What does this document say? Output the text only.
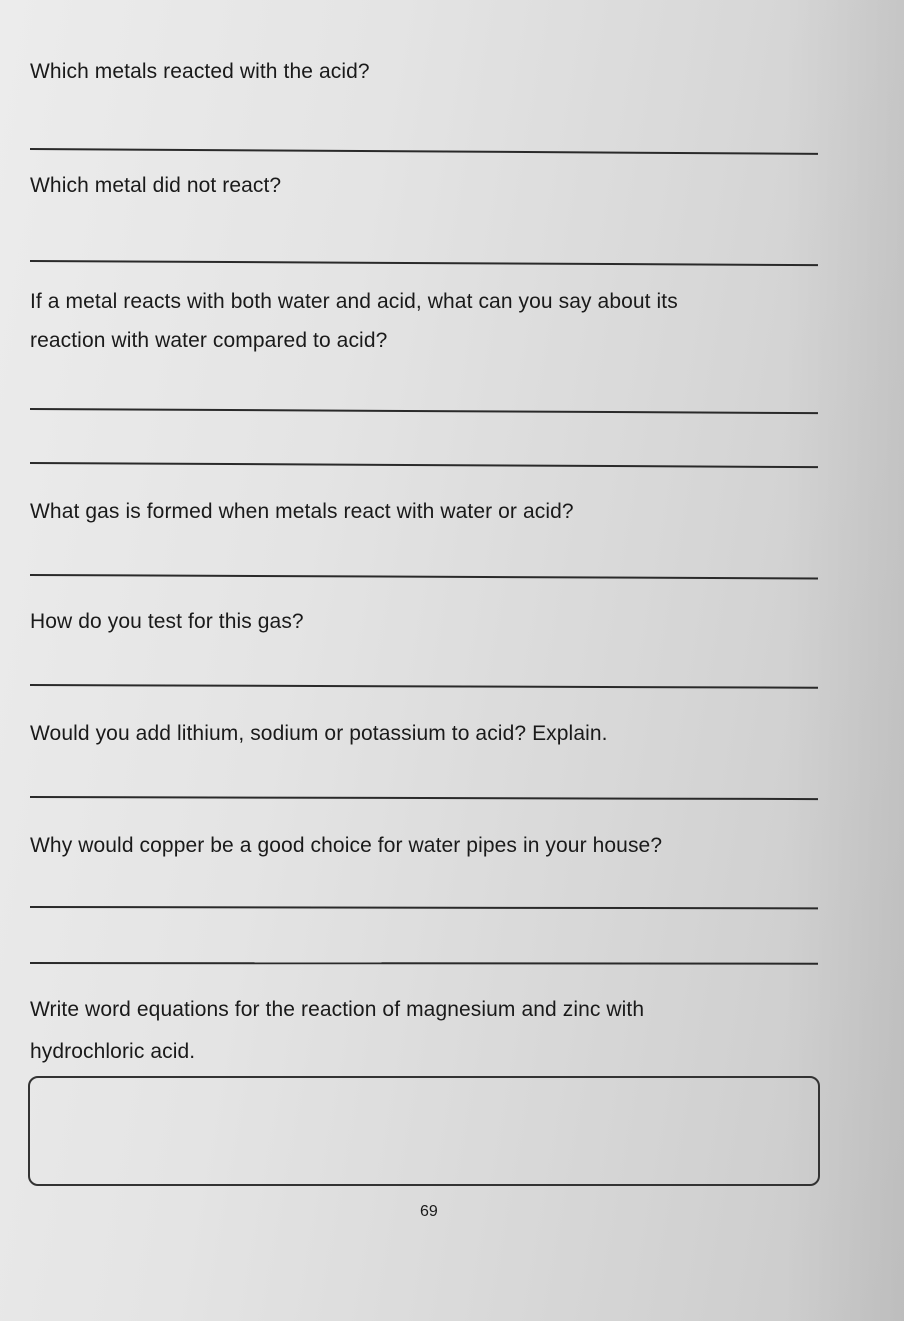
Which metals reacted with the acid?
Which metal did not react?
If a metal reacts with both water and acid, what can you say about its
reaction with water compared to acid?
What gas is formed when metals react with water or acid?
How do you test for this gas?
Would you add lithium, sodium or potassium to acid? Explain.
Why would copper be a good choice for water pipes in your house?
Write word equations for the reaction of magnesium and zinc with
hydrochloric acid.
69
